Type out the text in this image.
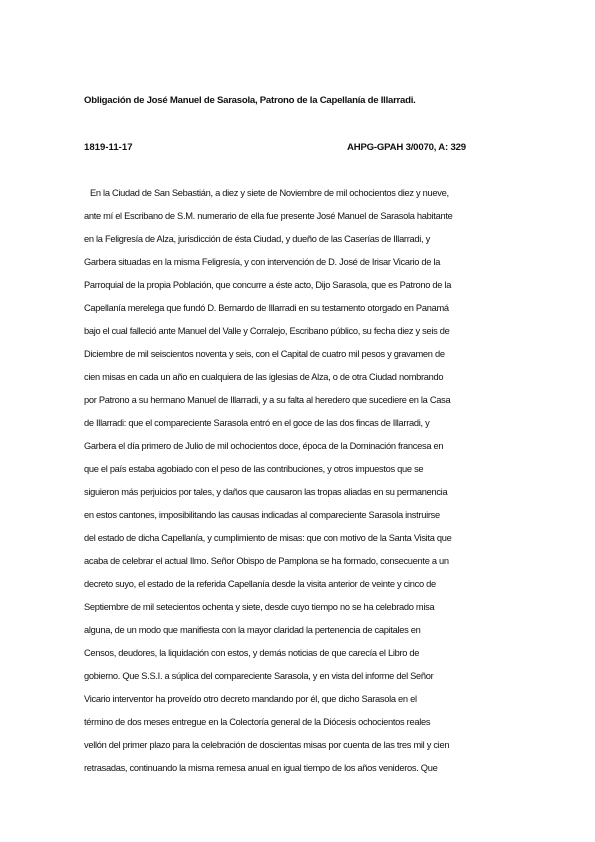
Obligación de José Manuel de Sarasola, Patrono de la Capellanía de Illarradi.
1819-11-17	AHPG-GPAH 3/0070, A: 329
En la Ciudad de San Sebastián, a diez y siete de Noviembre de mil ochocientos diez y nueve,
ante mí el Escribano de S.M. numerario de ella fue presente José Manuel de Sarasola habitante
en la Feligresía de Alza, jurisdicción de ésta Ciudad, y dueño de las Caserías de Illarradi, y
Garbera situadas en la misma Feligresía, y con intervención de D. José de Irisar Vicario de la
Parroquial de la propia Población, que concurre a éste acto, Dijo Sarasola, que es Patrono de la
Capellanía merelega que fundó D. Bernardo de Illarradi en su testamento otorgado en Panamá
bajo el cual falleció ante Manuel del Valle y Corralejo, Escribano público, su fecha diez y seis de
Diciembre de mil seiscientos noventa y seis, con el Capital de cuatro mil pesos y gravamen de
cien misas en cada un año en cualquiera de las iglesias de Alza, o de otra Ciudad nombrando
por Patrono a su hermano Manuel de Illarradi, y a su falta al heredero que sucediere en la Casa
de Illarradi: que el compareciente Sarasola entró en el goce de las dos fincas de Illarradi, y
Garbera el día primero de Julio de mil ochocientos doce, época de la Dominación francesa en
que el país estaba agobiado con el peso de las contribuciones, y otros impuestos que se
siguieron más perjuicios por tales, y daños que causaron las tropas aliadas en su permanencia
en estos cantones, imposibilitando las causas indicadas al compareciente Sarasola instruirse
del estado de dicha Capellanía, y cumplimiento de misas: que con motivo de la Santa Visita que
acaba de celebrar el actual Ilmo. Señor Obispo de Pamplona se ha formado, consecuente a un
decreto suyo, el estado de la referida Capellanía desde la visita anterior de veinte y cinco de
Septiembre de mil setecientos ochenta y siete, desde cuyo tiempo no se ha celebrado misa
alguna, de un modo que manifiesta con la mayor claridad la pertenencia de capitales en
Censos, deudores, la liquidación con estos, y demás noticias de que carecía el Libro de
gobierno. Que S.S.I. a súplica del compareciente Sarasola, y en vista del informe del Señor
Vicario interventor ha proveído otro decreto mandando por él, que dicho Sarasola en el
término de dos meses entregue en la Colectoría general de la Diócesis ochocientos reales
vellón del primer plazo para la celebración de doscientas misas por cuenta de las tres mil y cien
retrasadas, continuando la misma remesa anual en igual tiempo de los años venideros. Que
